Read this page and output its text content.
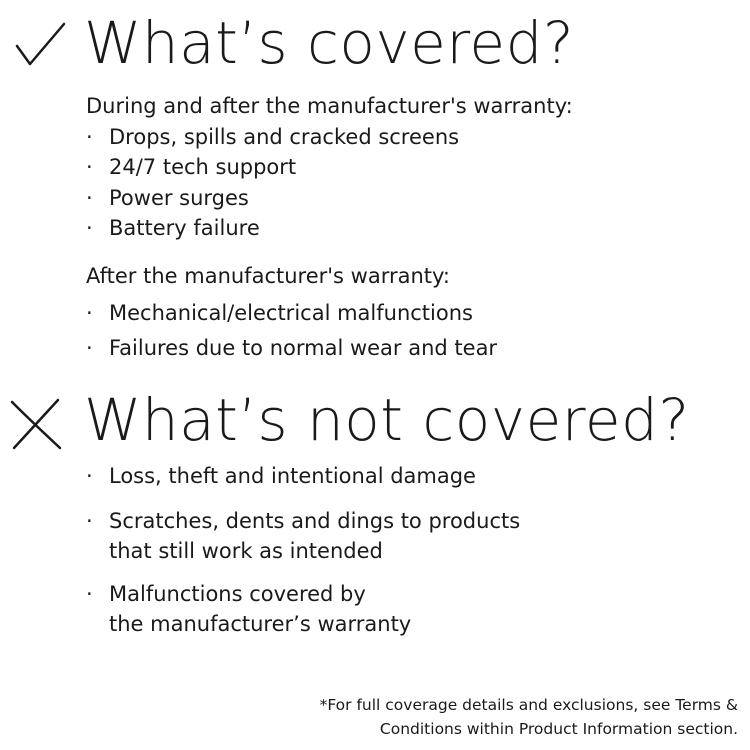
What’s covered?

During and after the manufacturer's warranty:

· Drops, spills and cracked screens
· 24/7 tech support
· Power surges
· Battery failure

After the manufacturer's warranty:

· Mechanical/electrical malfunctions
· Failures due to normal wear and tear
What’s not covered?
· Loss, theft and intentional damage
· Scratches, dents and dings to products
that still work as intended
· Malfunctions covered by
the manufacturer’s warranty
*For full coverage details and exclusions, see Terms &
Conditions within Product Information section.
